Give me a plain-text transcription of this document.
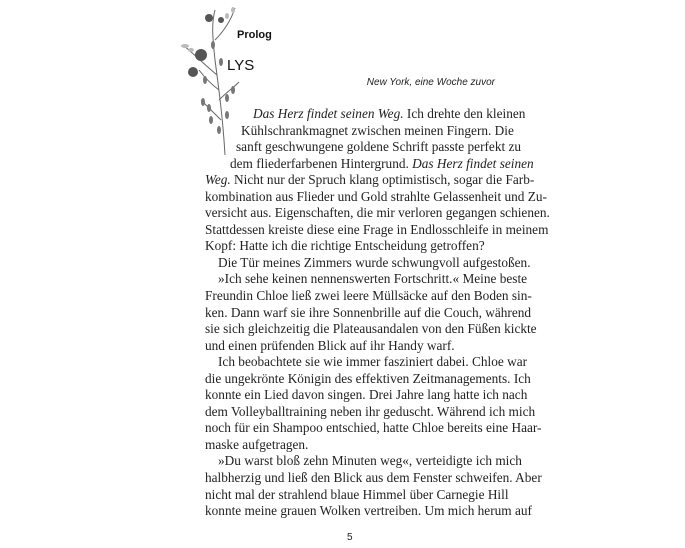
Prolog
LYS
New York, eine Woche zuvor
Das Herz findet seinen Weg. Ich drehte den kleinen
Kühlschrankmagnet zwischen meinen Fingern. Die
sanft geschwungene goldene Schrift passte perfekt zu
dem fliederfarbenen Hintergrund. Das Herz findet seinen
Weg. Nicht nur der Spruch klang optimistisch, sogar die Farb-
kombination aus Flieder und Gold strahlte Gelassenheit und Zu-
versicht aus. Eigenschaften, die mir verloren gegangen schienen.
Stattdessen kreiste diese eine Frage in Endlosschleife in meinem
Kopf: Hatte ich die richtige Entscheidung getroffen?
Die Tür meines Zimmers wurde schwungvoll aufgestoßen.
»Ich sehe keinen nennenswerten Fortschritt.« Meine beste
Freundin Chloe ließ zwei leere Müllsäcke auf den Boden sin-
ken. Dann warf sie ihre Sonnenbrille auf die Couch, während
sie sich gleichzeitig die Plateausandalen von den Füßen kickte
und einen prüfenden Blick auf ihr Handy warf.
Ich beobachtete sie wie immer fasziniert dabei. Chloe war
die ungekrönte Königin des effektiven Zeitmanagements. Ich
konnte ein Lied davon singen. Drei Jahre lang hatte ich nach
dem Volleyballtraining neben ihr geduscht. Während ich mich
noch für ein Shampoo entschied, hatte Chloe bereits eine Haar-
maske aufgetragen.
»Du warst bloß zehn Minuten weg«, verteidigte ich mich
halbherzig und ließ den Blick aus dem Fenster schweifen. Aber
nicht mal der strahlend blaue Himmel über Carnegie Hill
konnte meine grauen Wolken vertreiben. Um mich herum auf
5
